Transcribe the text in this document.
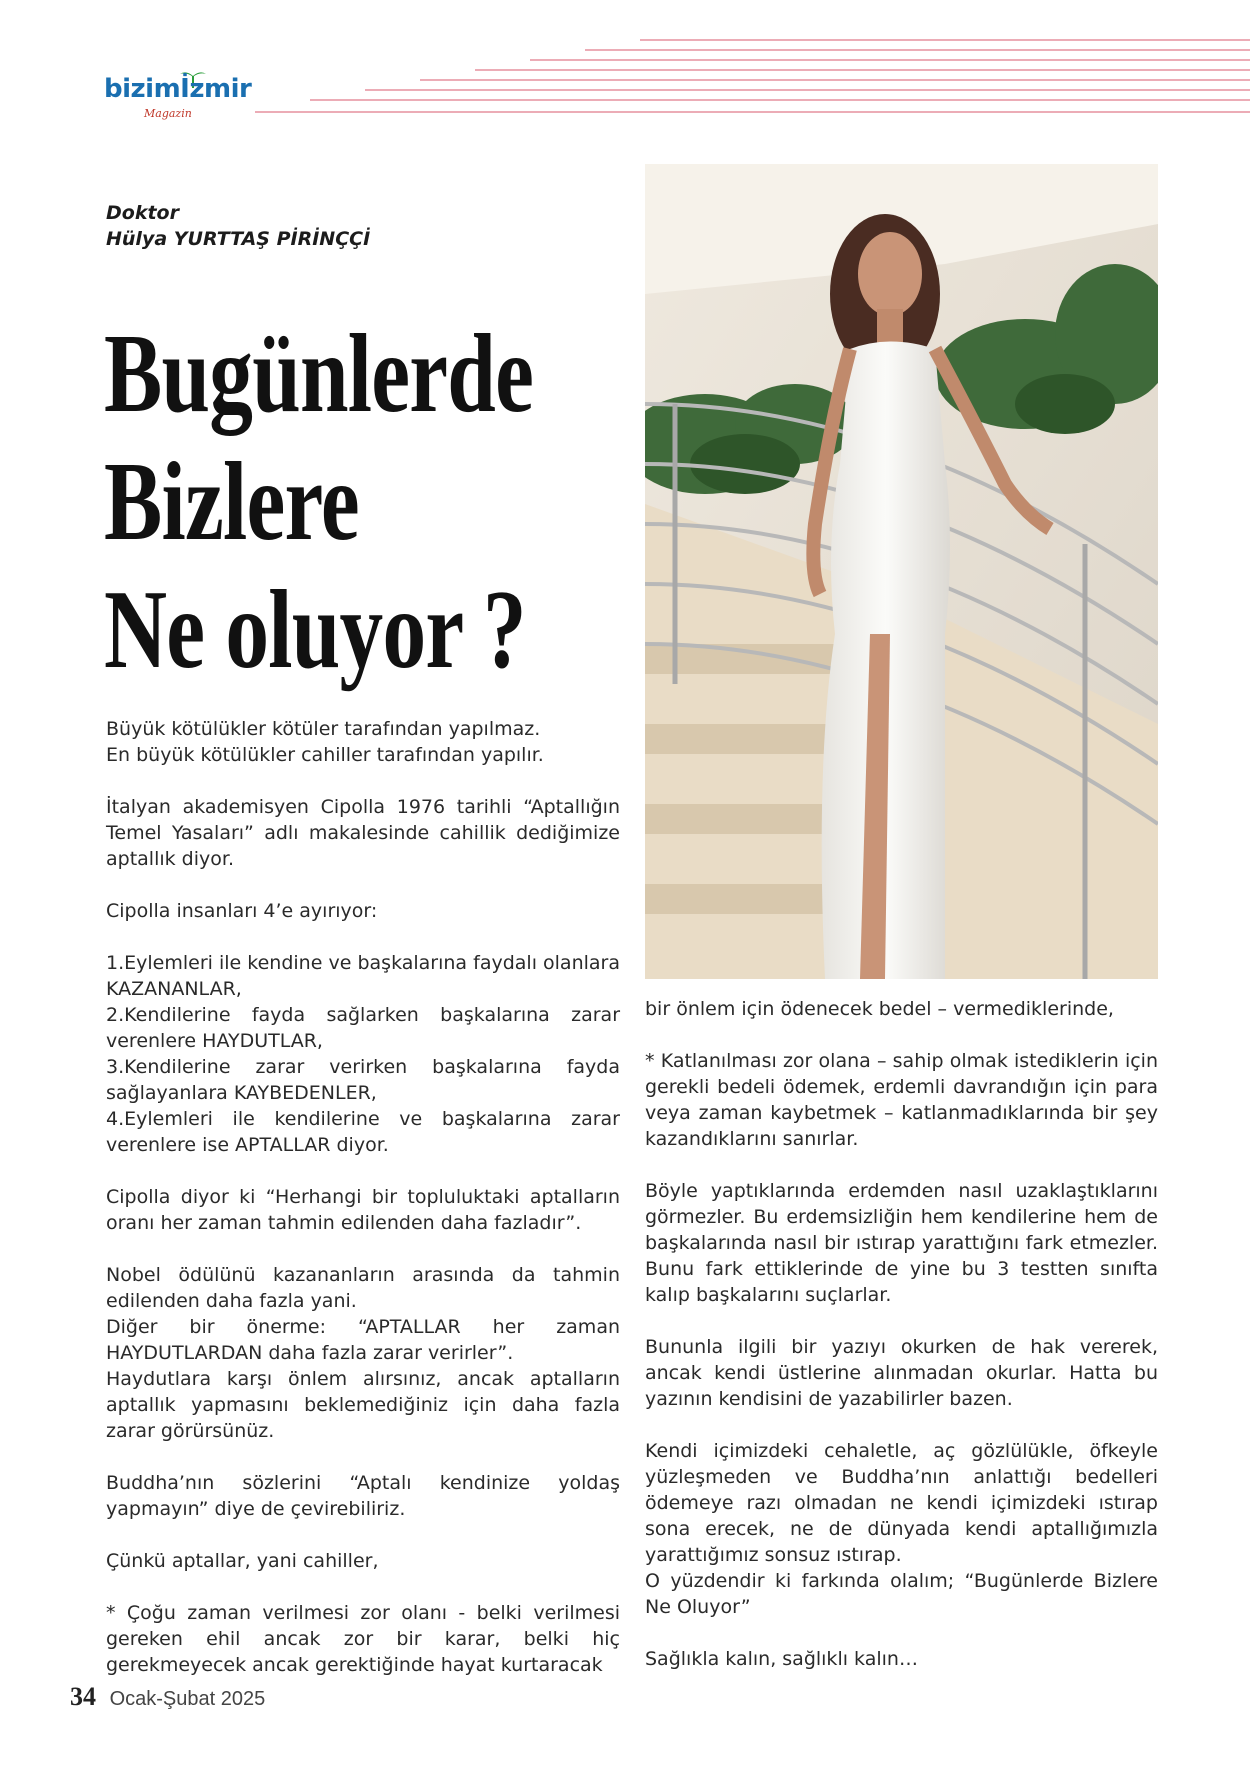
bizimİzmir
Magazin
Doktor
Hülya YURTTAŞ PİRİNÇÇİ
Bugünlerde
Bizlere
Ne oluyor ?

Büyük kötülükler kötüler tarafından yapılmaz.
En büyük kötülükler cahiller tarafından yapılır.

İtalyan akademisyen Cipolla 1976 tarihli “Aptallığın Temel Yasaları” adlı makalesinde cahillik dediğimize aptallık diyor.

Cipolla insanları 4’e ayırıyor:

1.Eylemleri ile kendine ve başkalarına faydalı olanlara KAZANANLAR,
2.Kendilerine fayda sağlarken başkalarına zarar verenlere HAYDUTLAR,
3.Kendilerine zarar verirken başkalarına fayda sağlayanlara KAYBEDENLER,
4.Eylemleri ile kendilerine ve başkalarına zarar verenlere ise APTALLAR diyor.

Cipolla diyor ki “Herhangi bir topluluktaki aptalların oranı her zaman tahmin edilenden daha fazladır”.

Nobel ödülünü kazananların arasında da tahmin edilenden daha fazla yani.
Diğer bir önerme: “APTALLAR her zaman HAYDUTLARDAN daha fazla zarar verirler”.
Haydutlara karşı önlem alırsınız, ancak aptalların aptallık yapmasını beklemediğiniz için daha fazla zarar görürsünüz.

Buddha’nın sözlerini “Aptalı kendinize yoldaş yapmayın” diye de çevirebiliriz.

Çünkü aptallar, yani cahiller,

* Çoğu zaman verilmesi zor olanı - belki verilmesi gereken ehil ancak zor bir karar, belki hiç gerekmeyecek ancak gerektiğinde hayat kurtaracak

bir önlem için ödenecek bedel – vermediklerinde,

* Katlanılması zor olana – sahip olmak istediklerin için gerekli bedeli ödemek, erdemli davrandığın için para veya zaman kaybetmek – katlanmadıklarında bir şey kazandıklarını sanırlar.

Böyle yaptıklarında erdemden nasıl uzaklaştıklarını görmezler. Bu erdemsizliğin hem kendilerine hem de başkalarında nasıl bir ıstırap yarattığını fark etmezler. Bunu fark ettiklerinde de yine bu 3 testten sınıfta kalıp başkalarını suçlarlar.

Bununla ilgili bir yazıyı okurken de hak vererek, ancak kendi üstlerine alınmadan okurlar. Hatta bu yazının kendisini de yazabilirler bazen.

Kendi içimizdeki cehaletle, aç gözlülükle, öfkeyle yüzleşmeden ve Buddha’nın anlattığı bedelleri ödemeye razı olmadan ne kendi içimizdeki ıstırap sona erecek, ne de dünyada kendi aptallığımızla yarattığımız sonsuz ıstırap.
O yüzdendir ki farkında olalım; “Bugünlerde Bizlere Ne Oluyor”

Sağlıkla kalın, sağlıklı kalın…

34 Ocak-Şubat 2025
